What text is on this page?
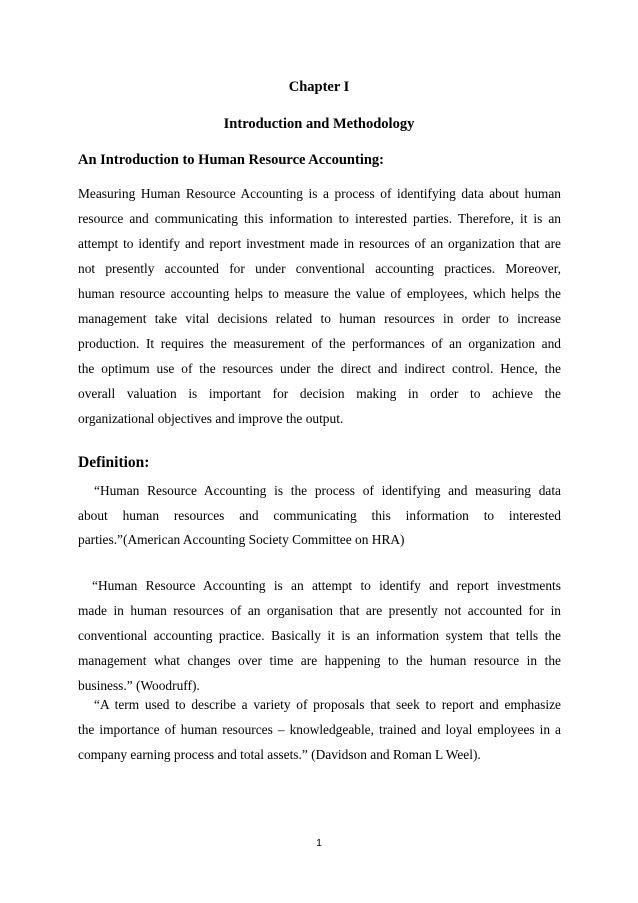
Chapter I
Introduction and Methodology
An Introduction to Human Resource Accounting:
Measuring Human Resource Accounting is a process of identifying data about human
resource and communicating this information to interested parties. Therefore, it is an
attempt to identify and report investment made in resources of an organization that are
not presently accounted for under conventional accounting practices. Moreover,
human resource accounting helps to measure the value of employees, which helps the
management take vital decisions related to human resources in order to increase
production. It requires the measurement of the performances of an organization and
the optimum use of the resources under the direct and indirect control. Hence, the
overall valuation is important for decision making in order to achieve the
organizational objectives and improve the output.
Definition:
“Human Resource Accounting is the process of identifying and measuring data
about human resources and communicating this information to interested
parties.”(American Accounting Society Committee on HRA)
“Human Resource Accounting is an attempt to identify and report investments
made in human resources of an organisation that are presently not accounted for in
conventional accounting practice. Basically it is an information system that tells the
management what changes over time are happening to the human resource in the
business.” (Woodruff).
“A term used to describe a variety of proposals that seek to report and emphasize
the importance of human resources – knowledgeable, trained and loyal employees in a
company earning process and total assets.” (Davidson and Roman L Weel).
1
